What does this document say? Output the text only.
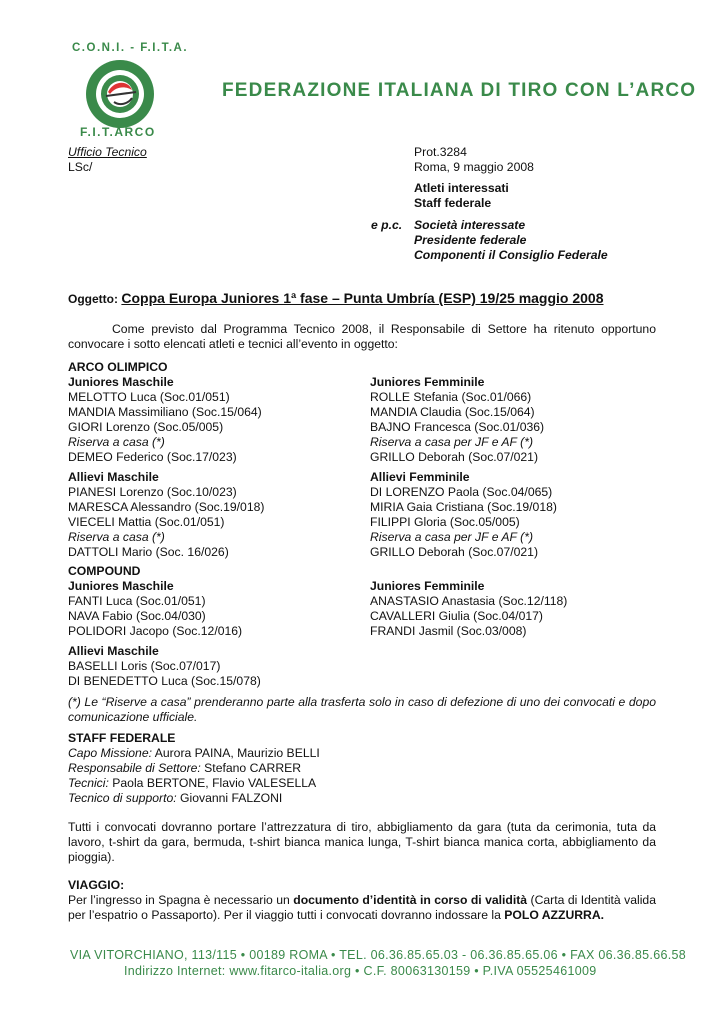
C.O.N.I. - F.I.T.A.
F.I.T.ARCO
FEDERAZIONE ITALIANA DI TIRO CON L’ARCO
Ufficio Tecnico
LSc/
Prot.3284
Roma, 9 maggio 2008
Atleti interessati
Staff federale
e p.c. Società interessate
Presidente federale
Componenti il Consiglio Federale
Oggetto: Coppa Europa Juniores 1ª fase – Punta Umbría (ESP) 19/25 maggio 2008
Come previsto dal Programma Tecnico 2008, il Responsabile di Settore ha ritenuto opportuno convocare i sotto elencati atleti e tecnici all’evento in oggetto:
ARCO OLIMPICO
Juniores Maschile
MELOTTO Luca (Soc.01/051)
MANDIA Massimiliano (Soc.15/064)
GIORI Lorenzo (Soc.05/005)
Riserva a casa (*)
DEMEO Federico (Soc.17/023)
Juniores Femminile
ROLLE Stefania (Soc.01/066)
MANDIA Claudia (Soc.15/064)
BAJNO Francesca (Soc.01/036)
Riserva a casa per JF e AF (*)
GRILLO Deborah (Soc.07/021)
Allievi Maschile
PIANESI Lorenzo (Soc.10/023)
MARESCA Alessandro (Soc.19/018)
VIECELI Mattia (Soc.01/051)
Riserva a casa (*)
DATTOLI Mario (Soc. 16/026)
Allievi Femminile
DI LORENZO Paola (Soc.04/065)
MIRIA Gaia Cristiana (Soc.19/018)
FILIPPI Gloria (Soc.05/005)
Riserva a casa per JF e AF (*)
GRILLO Deborah (Soc.07/021)
COMPOUND
Juniores Maschile
FANTI Luca (Soc.01/051)
NAVA Fabio (Soc.04/030)
POLIDORI Jacopo (Soc.12/016)
Juniores Femminile
ANASTASIO Anastasia (Soc.12/118)
CAVALLERI Giulia (Soc.04/017)
FRANDI Jasmil (Soc.03/008)
Allievi Maschile
BASELLI Loris (Soc.07/017)
DI BENEDETTO Luca (Soc.15/078)
(*) Le “Riserve a casa” prenderanno parte alla trasferta solo in caso di defezione di uno dei convocati e dopo comunicazione ufficiale.
STAFF FEDERALE
Capo Missione: Aurora PAINA, Maurizio BELLI
Responsabile di Settore: Stefano CARRER
Tecnici: Paola BERTONE, Flavio VALESELLA
Tecnico di supporto: Giovanni FALZONI
Tutti i convocati dovranno portare l’attrezzatura di tiro, abbigliamento da gara (tuta da cerimonia, tuta da lavoro, t-shirt da gara, bermuda, t-shirt bianca manica lunga, T-shirt bianca manica corta, abbigliamento da pioggia).
VIAGGIO:
Per l’ingresso in Spagna è necessario un documento d’identità in corso di validità (Carta di Identità valida per l’espatrio o Passaporto). Per il viaggio tutti i convocati dovranno indossare la POLO AZZURRA.
VIA VITORCHIANO, 113/115 • 00189 ROMA • TEL. 06.36.85.65.03 - 06.36.85.65.06 • FAX 06.36.85.66.58
Indirizzo Internet: www.fitarco-italia.org • C.F. 80063130159 • P.IVA 05525461009
